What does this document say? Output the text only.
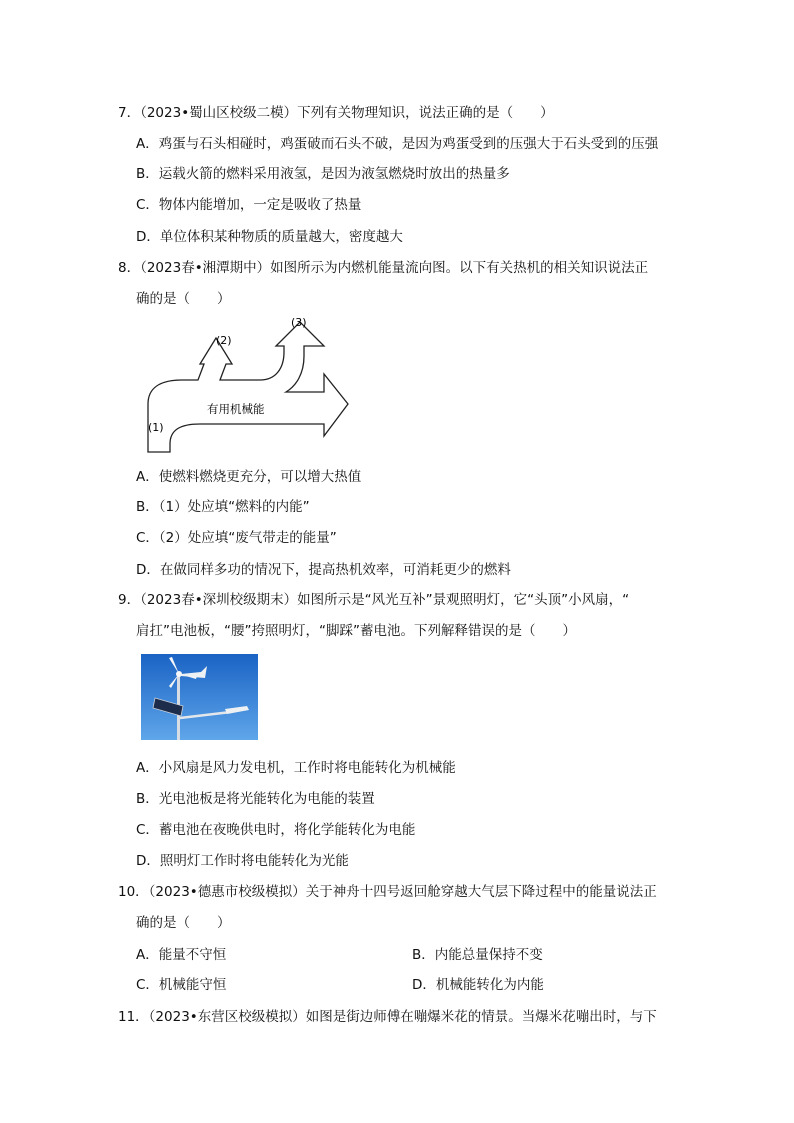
7．（2023•蜀山区校级二模）下列有关物理知识，说法正确的是（　　）
A．鸡蛋与石头相碰时，鸡蛋破而石头不破，是因为鸡蛋受到的压强大于石头受到的压强
B．运载火箭的燃料采用液氢，是因为液氢燃烧时放出的热量多
C．物体内能增加，一定是吸收了热量
D．单位体积某种物质的质量越大，密度越大
8．（2023春•湘潭期中）如图所示为内燃机能量流向图。以下有关热机的相关知识说法正
确的是（　　）
(1)
(2)
(3)
有用机械能
A．使燃料燃烧更充分，可以增大热值
B．（1）处应填“燃料的内能”
C．（2）处应填“废气带走的能量”
D．在做同样多功的情况下，提高热机效率，可消耗更少的燃料
9．（2023春•深圳校级期末）如图所示是“风光互补”景观照明灯，它“头顶”小风扇，“
肩扛”电池板，“腰”挎照明灯，“脚踩”蓄电池。下列解释错误的是（　　）
A．小风扇是风力发电机，工作时将电能转化为机械能
B．光电池板是将光能转化为电能的装置
C．蓄电池在夜晚供电时，将化学能转化为电能
D．照明灯工作时将电能转化为光能
10．（2023•德惠市校级模拟）关于神舟十四号返回舱穿越大气层下降过程中的能量说法正
确的是（　　）
A．能量不守恒	B．内能总量保持不变
C．机械能守恒	D．机械能转化为内能
11．（2023•东营区校级模拟）如图是街边师傅在嘣爆米花的情景。当爆米花嘣出时，与下
